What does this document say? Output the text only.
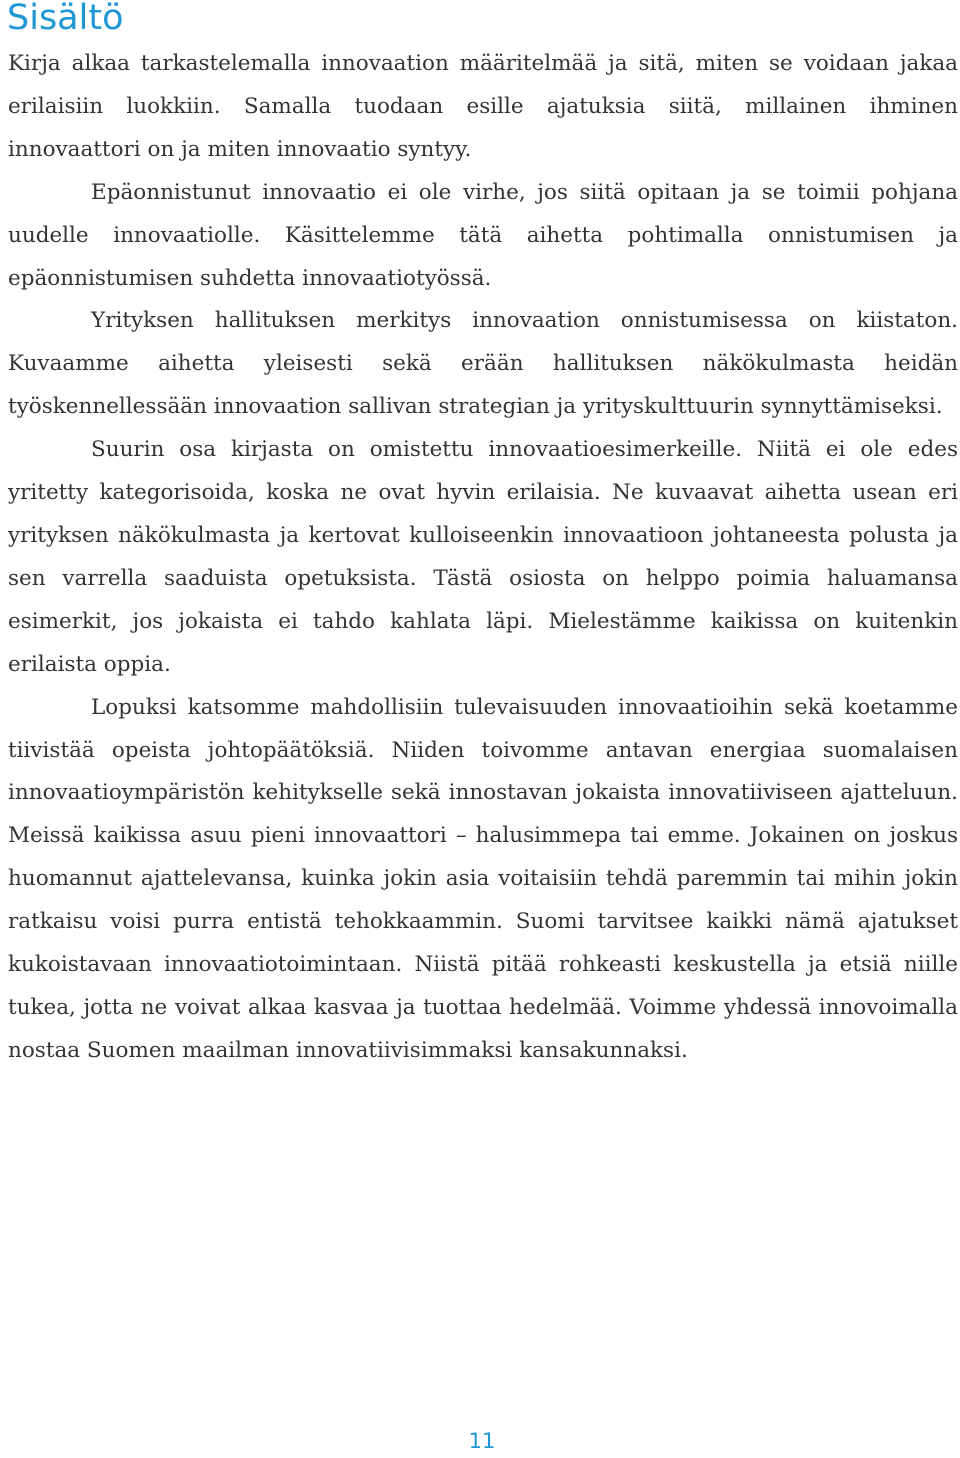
Sisältö

Kirja alkaa tarkastelemalla innovaation määritelmää ja sitä, miten se voidaan jakaa erilaisiin luokkiin. Samalla tuodaan esille ajatuksia siitä, millainen ihminen innovaattori on ja miten innovaatio syntyy.

Epäonnistunut innovaatio ei ole virhe, jos siitä opitaan ja se toimii pohjana uudelle innovaatiolle. Käsittelemme tätä aihetta pohtimalla onnistumisen ja epäonnistumisen suhdetta innovaatiotyössä.

Yrityksen hallituksen merkitys innovaation onnistumisessa on kiistaton. Kuvaamme aihetta yleisesti sekä erään hallituksen näkökulmasta heidän työskennellessään innovaation sallivan strategian ja yrityskulttuurin synnyttämiseksi.

Suurin osa kirjasta on omistettu innovaatioesimerkeille. Niitä ei ole edes yritetty kategorisoida, koska ne ovat hyvin erilaisia. Ne kuvaavat aihetta usean eri yrityksen näkökulmasta ja kertovat kulloiseenkin innovaatioon johtaneesta polusta ja sen varrella saaduista opetuksista. Tästä osiosta on helppo poimia haluamansa esimerkit, jos jokaista ei tahdo kahlata läpi. Mielestämme kaikissa on kuitenkin erilaista oppia.

Lopuksi katsomme mahdollisiin tulevaisuuden innovaatioihin sekä koetamme tiivistää opeista johtopäätöksiä. Niiden toivomme antavan energiaa suomalaisen innovaatioympäristön kehitykselle sekä innostavan jokaista innovatiiviseen ajatteluun. Meissä kaikissa asuu pieni innovaattori – halusimmepa tai emme. Jokainen on joskus huomannut ajattelevansa, kuinka jokin asia voitaisiin tehdä paremmin tai mihin jokin ratkaisu voisi purra entistä tehokkaammin. Suomi tarvitsee kaikki nämä ajatukset kukoistavaan innovaatiotoimintaan. Niistä pitää rohkeasti keskustella ja etsiä niille tukea, jotta ne voivat alkaa kasvaa ja tuottaa hedelmää. Voimme yhdessä innovoimalla nostaa Suomen maailman innovatiivisimmaksi kansakunnaksi.

11
